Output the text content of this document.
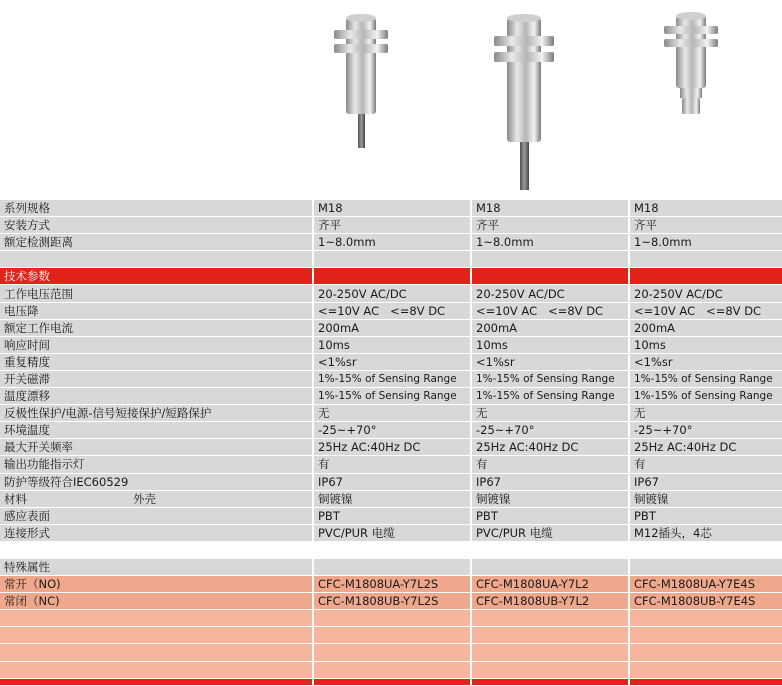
系列规格	M18	M18	M18
安装方式	齐平	齐平	齐平
额定检测距离	1~8.0mm	1~8.0mm	1~8.0mm

技术参数			
工作电压范围	20-250V AC/DC	20-250V AC/DC	20-250V AC/DC
电压降	<=10V AC   <=8V DC	<=10V AC   <=8V DC	<=10V AC   <=8V DC
额定工作电流	200mA	200mA	200mA
响应时间	10ms	10ms	10ms
重复精度	<1%sr	<1%sr	<1%sr
开关磁滞	1%-15% of Sensing Range	1%-15% of Sensing Range	1%-15% of Sensing Range
温度漂移	1%-15% of Sensing Range	1%-15% of Sensing Range	1%-15% of Sensing Range
反极性保护/电源-信号短接保护/短路保护	无	无	无
环境温度	-25~+70°	-25~+70°	-25~+70°
最大开关频率	25Hz AC:40Hz DC	25Hz AC:40Hz DC	25Hz AC:40Hz DC
输出功能指示灯	有	有	有
防护等级符合IEC60529	IP67	IP67	IP67
材料 外壳	铜镀镍	铜镀镍	铜镀镍
感应表面	PBT	PBT	PBT
连接形式	PVC/PUR 电缆	PVC/PUR 电缆	M12插头，4芯

特殊属性			
常开（NO)	CFC-M1808UA-Y7L2S	CFC-M1808UA-Y7L2	CFC-M1808UA-Y7E4S
常闭（NC)	CFC-M1808UB-Y7L2S	CFC-M1808UB-Y7L2	CFC-M1808UB-Y7E4S
